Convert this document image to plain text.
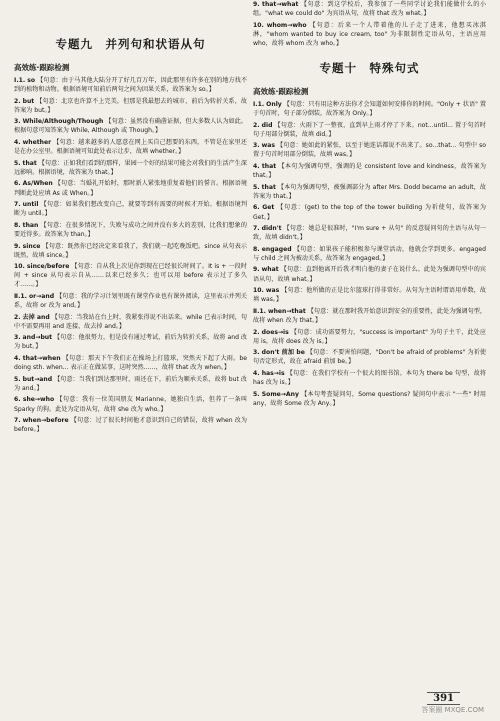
专题九　并列句和状语从句
高效练·跟踪检测
Ⅰ.1. so 【句意：由于马其他大陆分开了好几百万年，因此那里有许多在别的地方找不到的植物和动物。根据语境可知前后两句之间为因果关系，故答案为 so。】
2. but 【句意：北京也许算不上完美，但那是我最想去的城市，前后为转折关系，故答案为 but。】
3. While/Although/Though 【句意：虽然没有确凿证据，但大多数人认为如此。根据句意可知答案为 While, Although 或 Though。】
4. whether 【句意：越来越多的人愿意在网上买自己想要的东西，不管是在家里还是在办公室里。根据语境可知此处表示让步，故填 whether。】
5. that 【句意：正如我们看到的那样，果园一个好的结果可能会对我们的生活产生深远影响。根据语境，故答案为 that。】
6. As/When 【句意：当婚礼开始时，那时新人紧张地重复着他们的誓言。根据语境判断此处应填 As 或 When。】
7. until 【句意：如果我们想改变自己，就要等到有需要的时候才开始。根据语境判断为 until。】
8. than 【句意：在很多情况下，失败与成功之间并没有多大的差别，比我们想象的要近得多。故答案为 than。】
9. since 【句意：既然你已经决定来看我了，我们就一起吃晚饭吧。since 从句表示既然，故填 since。】
10. since/before 【句意：自从我上次见你到现在已经很长时间了。It is + 一段时间 + since 从句表示自从……以来已经多久；也可以用 before 表示过了多久才……。】
Ⅱ.1. or→and 【句意：我的学习计划里既有课堂作业也有课外阅读，这里表示并列关系，故将 or 改为 and。】
2. 去掉 and 【句意：当我站在台上时，我紧张得说不出话来。while 已表示时间，句中不需要再用 and 连接，故去掉 and。】
3. and→but 【句意：他很努力，但是没有通过考试，前后为转折关系，故将 and 改为 but。】
4. that→when 【句意：那天下午我们正在操场上打篮球，突然天下起了大雨。be doing sth. when... 表示正在做某事，这时突然……，故将 that 改为 when。】
5. but→and 【句意：当我们到达那里时，雨还在下，前后为顺承关系，故将 but 改为 and。】
6. she→who 【句意：我有一位美国朋友 Marianne，她独自生活，但养了一条叫 Sparky 的狗。此处为定语从句，故将 she 改为 who。】
7. when→before 【句意：过了很长时间他才意识到自己的错误，故将 when 改为 before。】
9. that→what 【句意：到这学校后，我参加了一些同学讨论我们能做什么的小组。"what we could do" 为宾语从句，故将 that 改为 what。】
10. whom→who 【句意：后来一个人带着他的儿子走了进来，他想买冰淇淋，"whom wanted to buy ice cream, too" 为非限制性定语从句，主语应用 who，故将 whom 改为 who。】
专题十　特殊句式
高效练·跟踪检测
Ⅰ.1. Only 【句意：只有用这种方法你才会知道如何安排你的时间。"Only + 状语" 置于句首时，句子部分倒装，故答案为 Only。】
2. did 【句意：火雨下了一整夜，直到早上雨才停了下来。not...until... 置于句首时句子用部分倒装，故填 did。】
3. was 【句意：她如此的紧张，以至于她连话都说不出来了。so...that... 句型中 so 置于句首时用部分倒装，故填 was。】
4. that 【本句为强调句型，强调的是 consistent love and kindness，故答案为 that。】
5. that 【本句为强调句型，被强调部分为 after Mrs. Dodd became an adult，故答案为 that。】
6. Get 【句意：(get) to the top of the tower building 为祈使句，故答案为 Get。】
7. didn't 【句意：她总是很准时，"I'm sure + 从句" 的反意疑问句的主语与从句一致，故填 didn't。】
8. engaged 【句意：如果孩子能积极参与课堂活动，他就会学到更多。engaged 与 child 之间为被动关系，故答案为 engaged。】
9. what 【句意：直到他离开后我才明白他的妻子在说什么。此处为强调句型中的宾语从句，故填 what。】
10. was 【句意：他所做的正是比尔篮球打得非常好。从句为主语时谓语用单数，故填 was。】
Ⅱ.1. when→that 【句意：就在那时我开始意识到安全的重要性，此处为强调句型，故将 when 改为 that。】
2. does→is 【句意：成功需要努力，"success is important" 为句子主干，此处应用 is，故将 does 改为 is。】
3. don't 前加 be 【句意：不要害怕问题，"Don't be afraid of problems" 为祈使句否定形式，故在 afraid 前加 be。】
4. has→is 【句意：在我们学校有一个很大的图书馆。本句为 there be 句型，故将 has 改为 is。】
5. Some→Any 【本句考查疑问句，Some questions? 疑问句中表示 "一些" 时用 any，故将 Some 改为 Any。】
391
答案圈 MXQE.COM
